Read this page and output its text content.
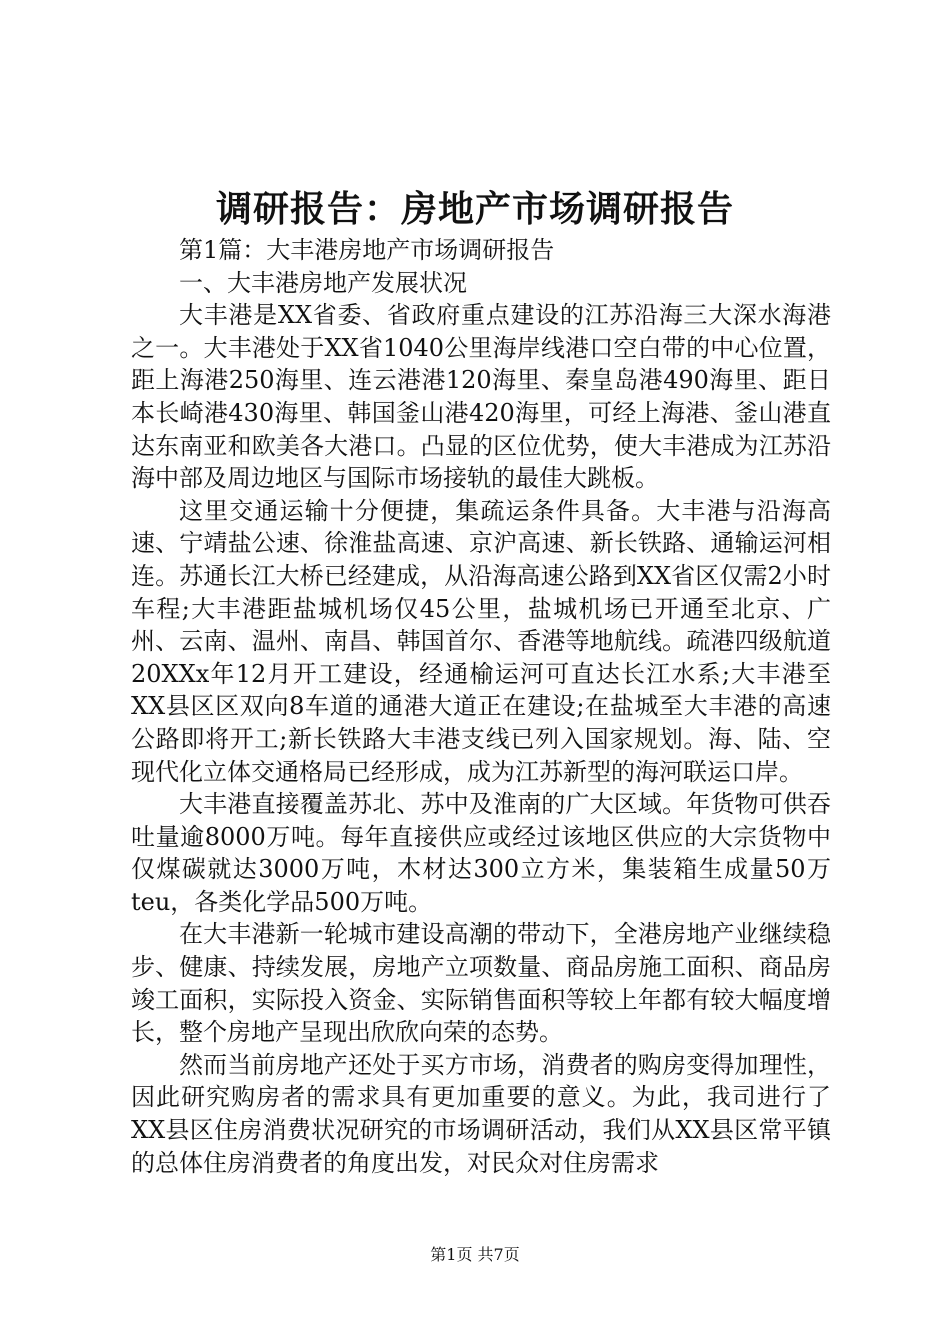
调研报告：房地产市场调研报告

第1篇：大丰港房地产市场调研报告

一、大丰港房地产发展状况

大丰港是XX省委、省政府重点建设的江苏沿海三大深水海港之一。大丰港处于XX省1040公里海岸线港口空白带的中心位置，距上海港250海里、连云港港120海里、秦皇岛港490海里、距日本长崎港430海里、韩国釜山港420海里，可经上海港、釜山港直达东南亚和欧美各大港口。凸显的区位优势，使大丰港成为江苏沿海中部及周边地区与国际市场接轨的最佳大跳板。

这里交通运输十分便捷，集疏运条件具备。大丰港与沿海高速、宁靖盐公速、徐淮盐高速、京沪高速、新长铁路、通输运河相连。苏通长江大桥已经建成，从沿海高速公路到XX省区仅需2小时车程;大丰港距盐城机场仅45公里，盐城机场已开通至北京、广州、云南、温州、南昌、韩国首尔、香港等地航线。疏港四级航道20XXx年12月开工建设，经通榆运河可直达长江水系;大丰港至XX县区区双向8车道的通港大道正在建设;在盐城至大丰港的高速公路即将开工;新长铁路大丰港支线已列入国家规划。海、陆、空现代化立体交通格局已经形成，成为江苏新型的海河联运口岸。

大丰港直接覆盖苏北、苏中及淮南的广大区域。年货物可供吞吐量逾8000万吨。每年直接供应或经过该地区供应的大宗货物中仅煤碳就达3000万吨，木材达300立方米，集装箱生成量50万teu，各类化学品500万吨。

在大丰港新一轮城市建设高潮的带动下，全港房地产业继续稳步、健康、持续发展，房地产立项数量、商品房施工面积、商品房竣工面积，实际投入资金、实际销售面积等较上年都有较大幅度增长，整个房地产呈现出欣欣向荣的态势。

然而当前房地产还处于买方市场，消费者的购房变得加理性，因此研究购房者的需求具有更加重要的意义。为此，我司进行了XX县区住房消费状况研究的市场调研活动，我们从XX县区常平镇的总体住房消费者的角度出发，对民众对住房需求

第1页 共7页
